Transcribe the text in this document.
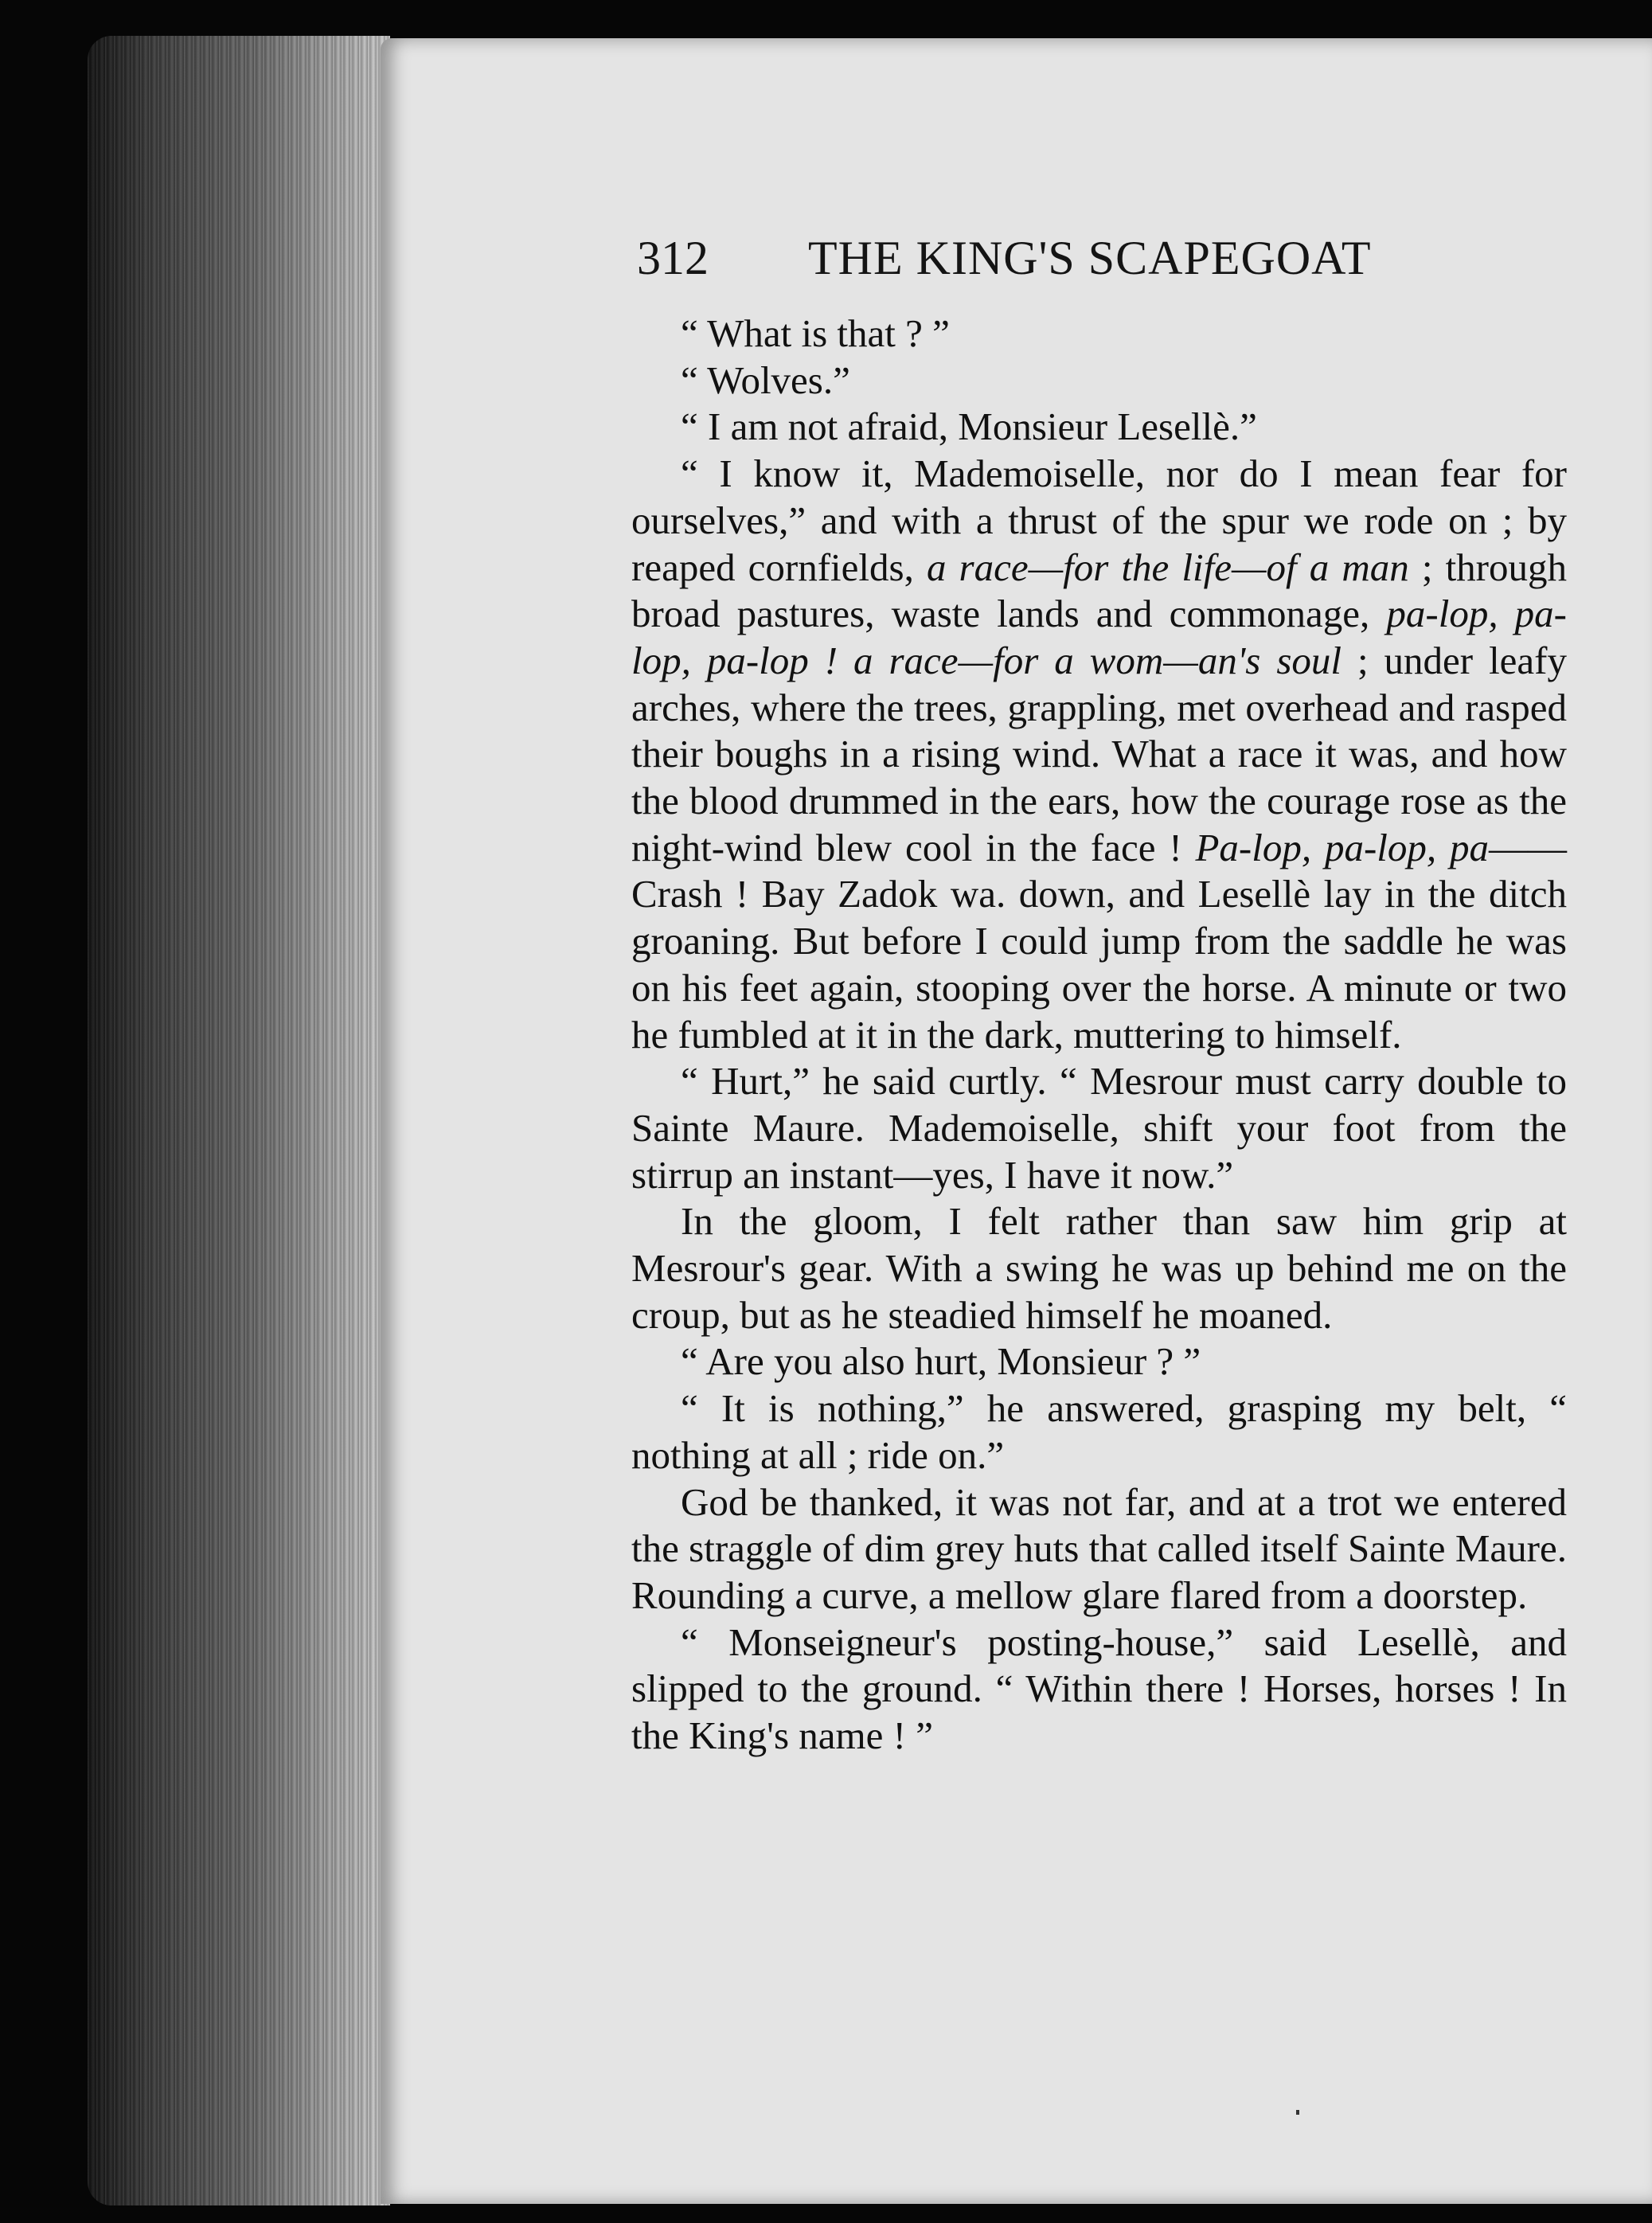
312 THE KING'S SCAPEGOAT

“ What is that ? ”

“ Wolves.”

“ I am not afraid, Monsieur Lesellè.”

“ I know it, Mademoiselle, nor do I mean fear for ourselves,” and with a thrust of the spur we rode on ; by reaped cornfields, a race—for the life—of a man ; through broad pastures, waste lands and commonage, pa-lop, pa-lop, pa-lop ! a race—for a wom—an's soul ; under leafy arches, where the trees, grappling, met overhead and rasped their boughs in a rising wind. What a race it was, and how the blood drummed in the ears, how the courage rose as the night-wind blew cool in the face ! Pa-lop, pa-lop, pa——Crash ! Bay Zadok wa. down, and Lesellè lay in the ditch groaning. But before I could jump from the saddle he was on his feet again, stooping over the horse. A minute or two he fumbled at it in the dark, muttering to himself.

“ Hurt,” he said curtly. “ Mesrour must carry double to Sainte Maure. Mademoiselle, shift your foot from the stirrup an instant—yes, I have it now.”

In the gloom, I felt rather than saw him grip at Mesrour's gear. With a swing he was up behind me on the croup, but as he steadied himself he moaned.

“ Are you also hurt, Monsieur ? ”

“ It is nothing,” he answered, grasping my belt, “ nothing at all ; ride on.”

God be thanked, it was not far, and at a trot we entered the straggle of dim grey huts that called itself Sainte Maure. Rounding a curve, a mellow glare flared from a doorstep.

“ Monseigneur's posting-house,” said Lesellè, and slipped to the ground. “ Within there ! Horses, horses ! In the King's name ! ”
